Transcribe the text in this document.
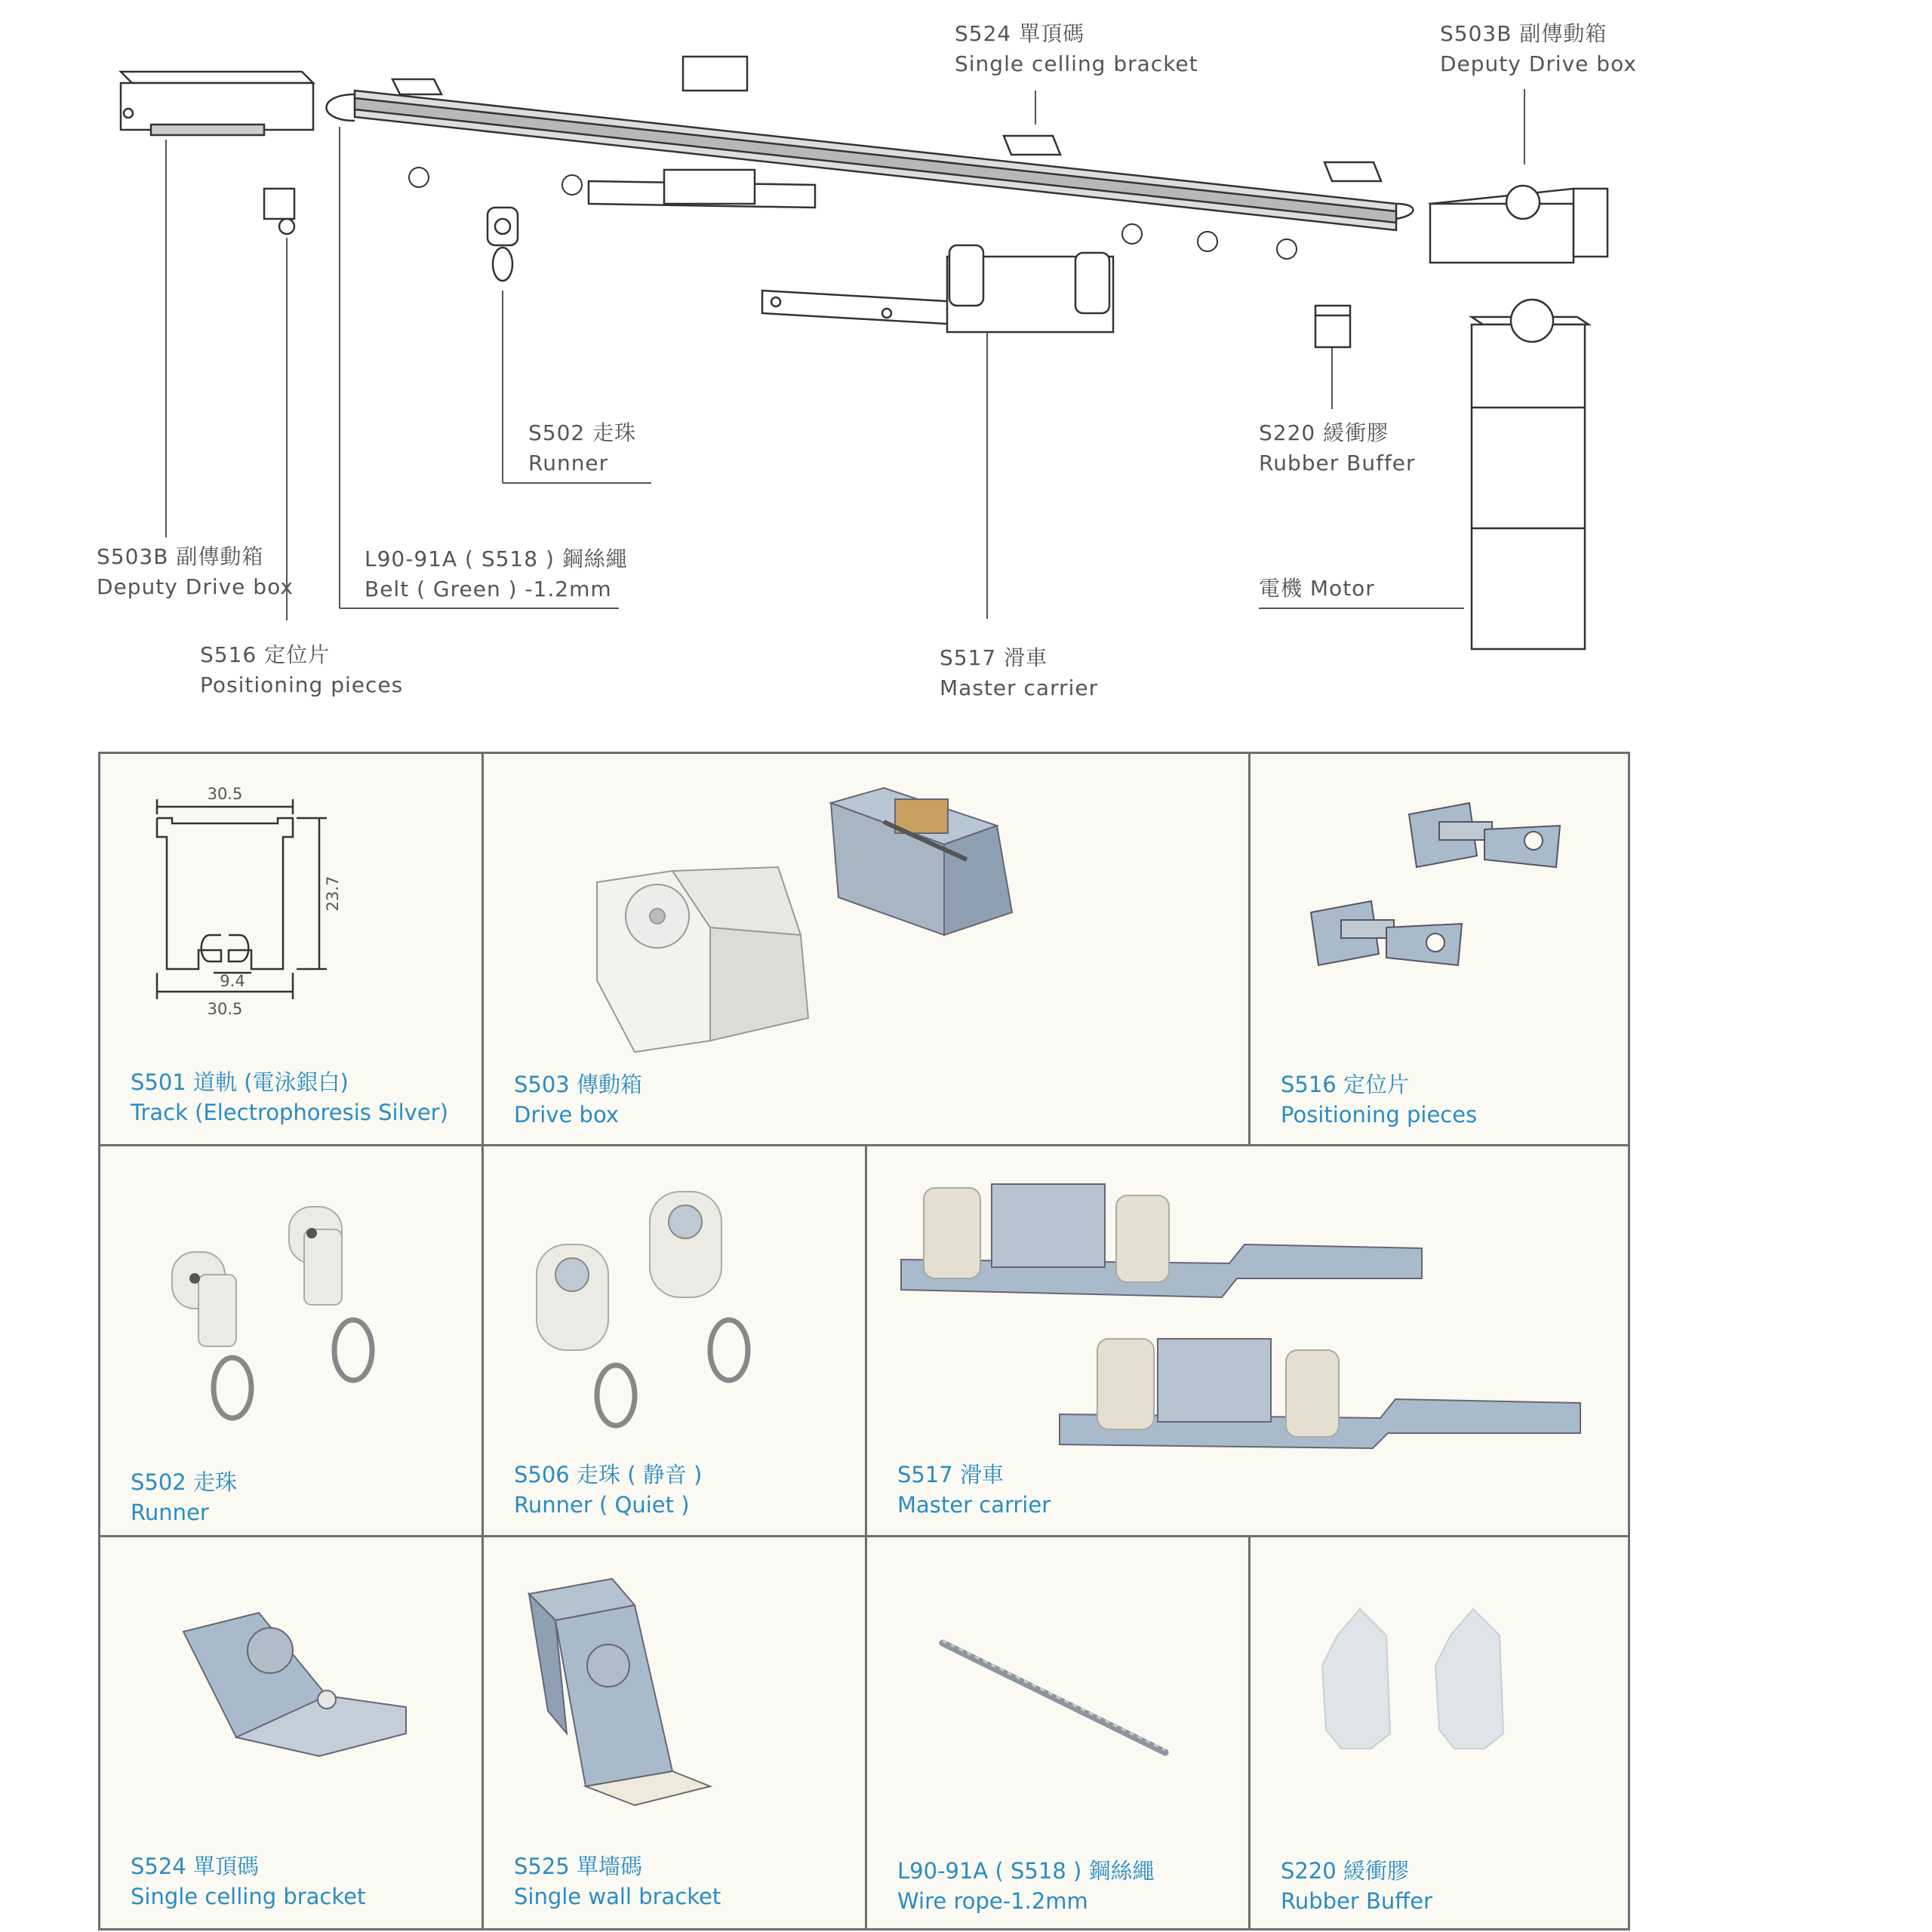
S524 單頂碼
Single celling bracket
S503B 副傳動箱
Deputy Drive box
S502 走珠
Runner
S220 緩衝膠
Rubber Buffer
S503B 副傳動箱
Deputy Drive box
L90-91A ( S518 ) 鋼絲繩
Belt ( Green ) -1.2mm	電機 Motor
S516 定位片
Positioning pieces
S517 滑車
Master carrier
30.5
9.4
30.5
23.7
S501 道軌 (電泳銀白)
Track (Electrophoresis Silver)
S503 傳動箱
Drive box
S516 定位片
Positioning pieces
S502 走珠
Runner
S506 走珠 ( 静音 )
Runner ( Quiet )
S517 滑車
Master carrier
S524 單頂碼
Single celling bracket
S525 單墻碼
Single wall bracket
L90-91A ( S518 ) 鋼絲繩
Wire rope-1.2mm
S220 緩衝膠
Rubber Buffer
